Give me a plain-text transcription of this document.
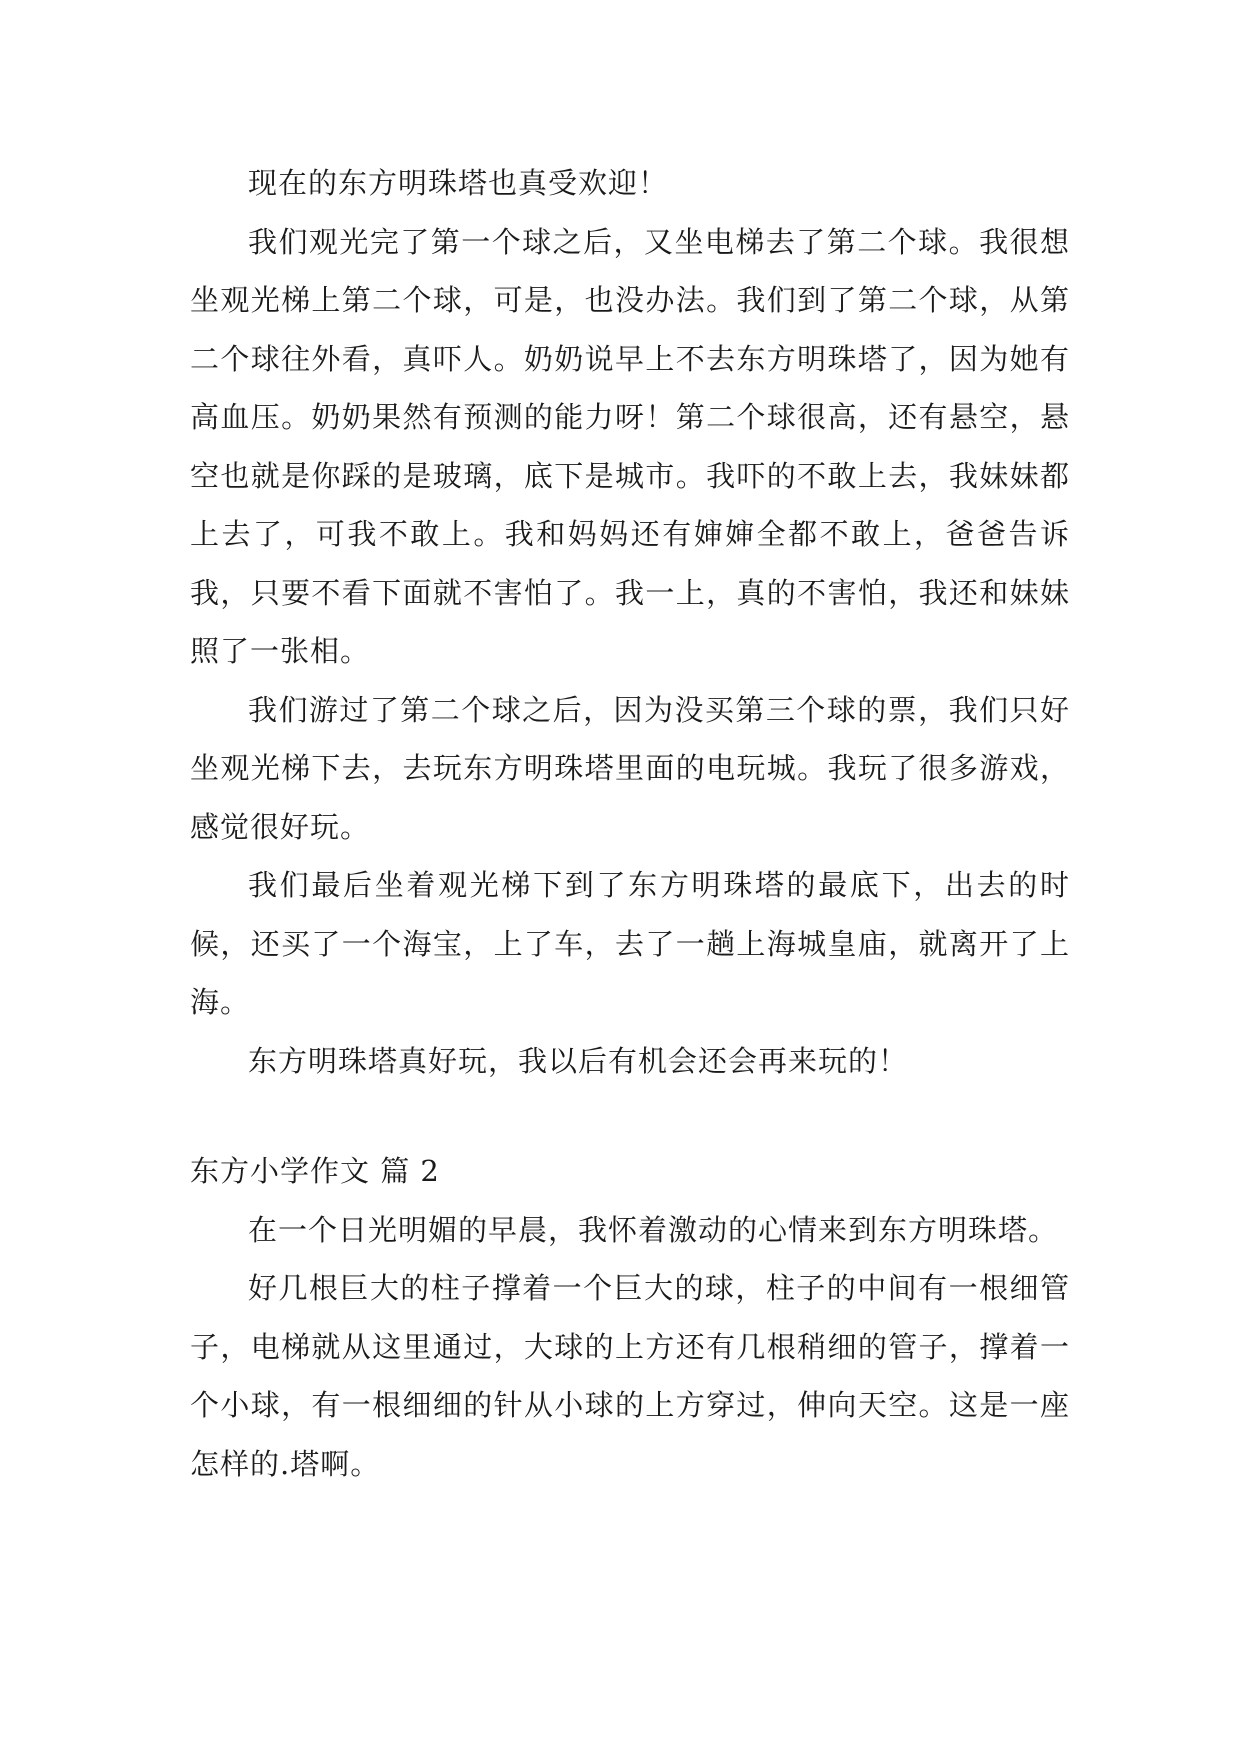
现在的东方明珠塔也真受欢迎！

我们观光完了第一个球之后，又坐电梯去了第二个球。我很想坐观光梯上第二个球，可是，也没办法。我们到了第二个球，从第二个球往外看，真吓人。奶奶说早上不去东方明珠塔了，因为她有高血压。奶奶果然有预测的能力呀！第二个球很高，还有悬空，悬空也就是你踩的是玻璃，底下是城市。我吓的不敢上去，我妹妹都上去了，可我不敢上。我和妈妈还有婶婶全都不敢上，爸爸告诉我，只要不看下面就不害怕了。我一上，真的不害怕，我还和妹妹照了一张相。

我们游过了第二个球之后，因为没买第三个球的票，我们只好坐观光梯下去，去玩东方明珠塔里面的电玩城。我玩了很多游戏，感觉很好玩。

我们最后坐着观光梯下到了东方明珠塔的最底下，出去的时候，还买了一个海宝，上了车，去了一趟上海城皇庙，就离开了上海。

东方明珠塔真好玩，我以后有机会还会再来玩的！

东方小学作文 篇 2

在一个日光明媚的早晨，我怀着激动的心情来到东方明珠塔。

好几根巨大的柱子撑着一个巨大的球，柱子的中间有一根细管子，电梯就从这里通过，大球的上方还有几根稍细的管子，撑着一个小球，有一根细细的针从小球的上方穿过，伸向天空。这是一座怎样的.塔啊。
